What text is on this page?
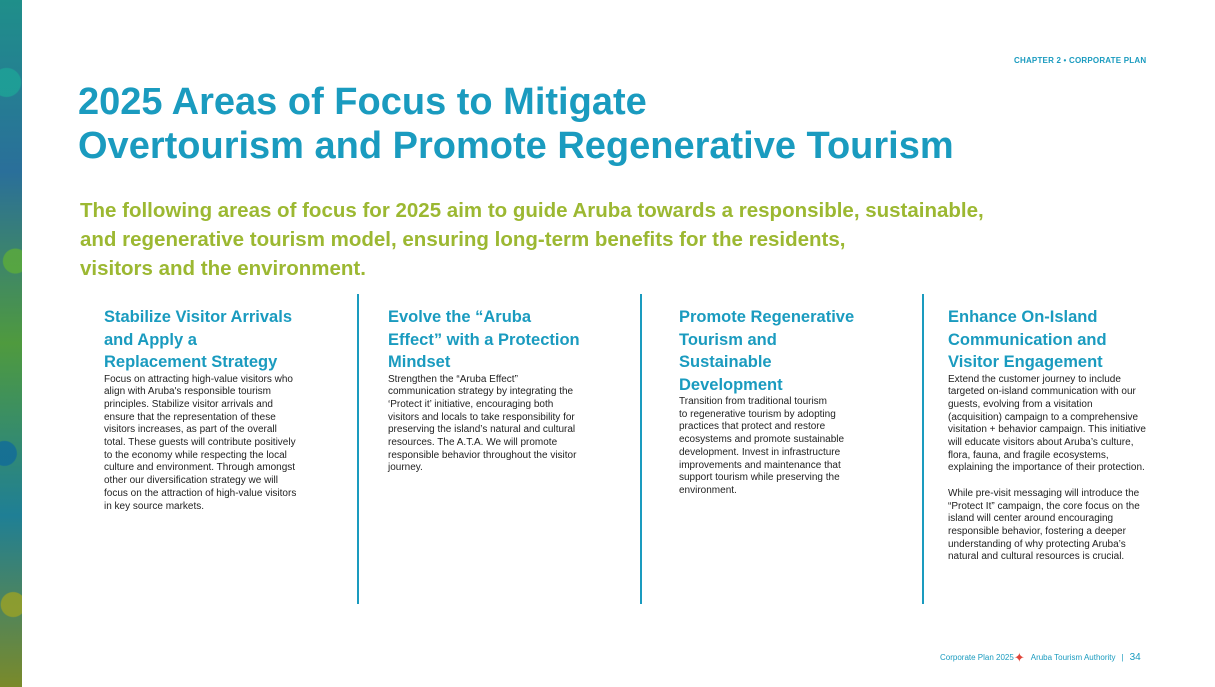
CHAPTER 2 • CORPORATE PLAN
2025 Areas of Focus to Mitigate
Overtourism and Promote Regenerative Tourism
The following areas of focus for 2025 aim to guide Aruba towards a responsible, sustainable,
and regenerative tourism model, ensuring long-term benefits for the residents,
visitors and the environment.
Stabilize Visitor Arrivals
and Apply a
Replacement Strategy

Focus on attracting high-value visitors who
align with Aruba's responsible tourism
principles. Stabilize visitor arrivals and
ensure that the representation of these
visitors increases, as part of the overall
total. These guests will contribute positively
to the economy while respecting the local
culture and environment. Through amongst
other our diversification strategy we will
focus on the attraction of high-value visitors
in key source markets.

Evolve the “Aruba
Effect” with a Protection
Mindset

Strengthen the “Aruba Effect”
communication strategy by integrating the
‘Protect it’ initiative, encouraging both
visitors and locals to take responsibility for
preserving the island’s natural and cultural
resources. The A.T.A. We will promote
responsible behavior throughout the visitor
journey.

Promote Regenerative
Tourism and
Sustainable
Development

Transition from traditional tourism
to regenerative tourism by adopting
practices that protect and restore
ecosystems and promote sustainable
development. Invest in infrastructure
improvements and maintenance that
support tourism while preserving the
environment.

Enhance On-Island
Communication and
Visitor Engagement

Extend the customer journey to include
targeted on-island communication with our
guests, evolving from a visitation
(acquisition) campaign to a comprehensive
visitation + behavior campaign. This initiative
will educate visitors about Aruba’s culture,
flora, fauna, and fragile ecosystems,
explaining the importance of their protection.

While pre-visit messaging will introduce the
“Protect It” campaign, the core focus on the
island will center around encouraging
responsible behavior, fostering a deeper
understanding of why protecting Aruba’s
natural and cultural resources is crucial.

Corporate Plan 2025 ✦ Aruba Tourism Authority | 34
